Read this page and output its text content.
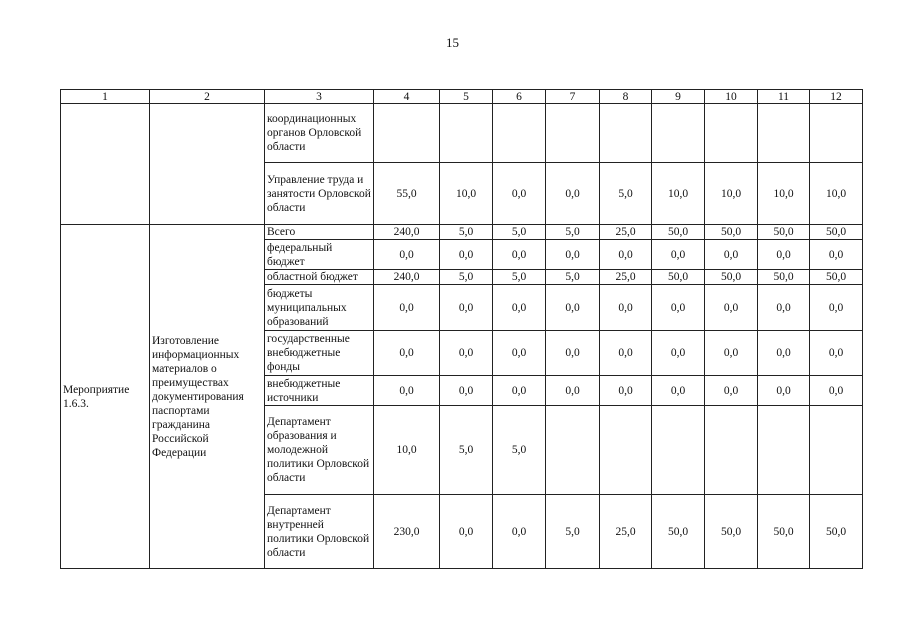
15
1	2	3	4	5	6	7	8	9	10	11	12
		координационных органов Орловской области									
		Управление труда и занятости Орловской области	55,0	10,0	0,0	0,0	5,0	10,0	10,0	10,0	10,0
Мероприятие 1.6.3.	Изготовление информационных материалов о преимуществах документирования паспортами гражданина Российской Федерации	Всего	240,0	5,0	5,0	5,0	25,0	50,0	50,0	50,0	50,0
		федеральный бюджет	0,0	0,0	0,0	0,0	0,0	0,0	0,0	0,0	0,0
		областной бюджет	240,0	5,0	5,0	5,0	25,0	50,0	50,0	50,0	50,0
		бюджеты муниципальных образований	0,0	0,0	0,0	0,0	0,0	0,0	0,0	0,0	0,0
		государственные внебюджетные фонды	0,0	0,0	0,0	0,0	0,0	0,0	0,0	0,0	0,0
		внебюджетные источники	0,0	0,0	0,0	0,0	0,0	0,0	0,0	0,0	0,0
		Департамент образования и молодежной политики Орловской области	10,0	5,0	5,0						
		Департамент внутренней политики Орловской области	230,0	0,0	0,0	5,0	25,0	50,0	50,0	50,0	50,0
